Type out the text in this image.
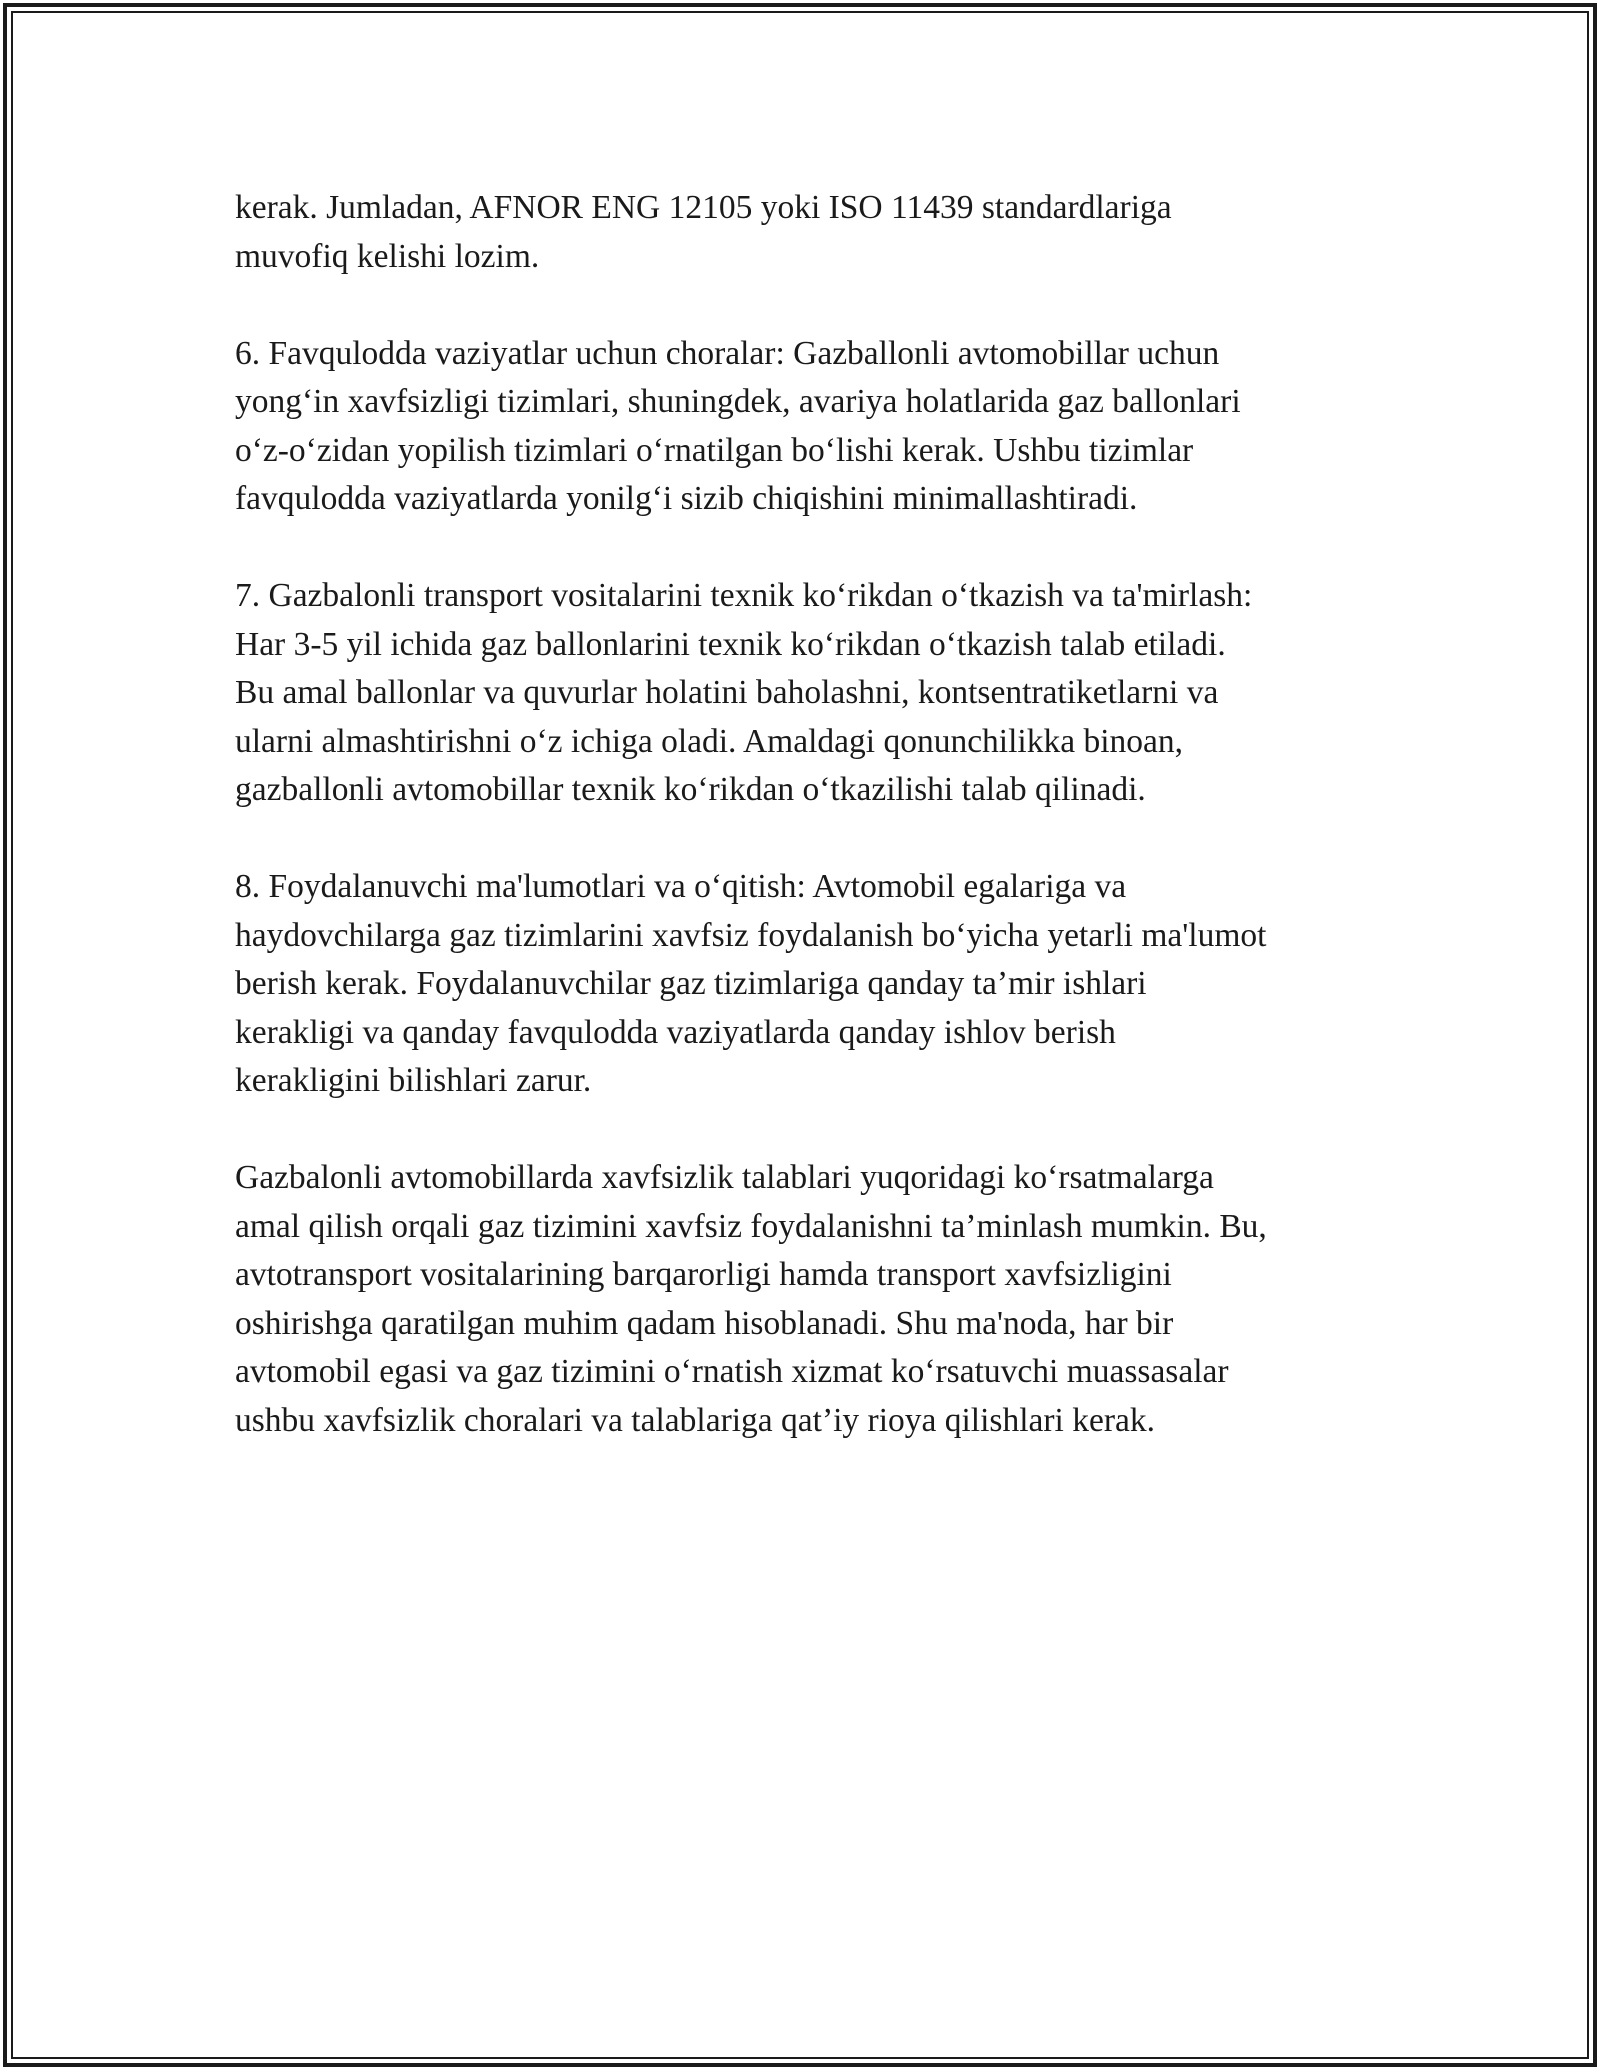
kerak. Jumladan, AFNOR ENG 12105 yoki ISO 11439 standardlariga
muvofiq kelishi lozim.

6. Favqulodda vaziyatlar uchun choralar: Gazballonli avtomobillar uchun
yong‘in xavfsizligi tizimlari, shuningdek, avariya holatlarida gaz ballonlari
o‘z-o‘zidan yopilish tizimlari o‘rnatilgan bo‘lishi kerak. Ushbu tizimlar
favqulodda vaziyatlarda yonilg‘i sizib chiqishini minimallashtiradi.

7. Gazbalonli transport vositalarini texnik ko‘rikdan o‘tkazish va ta'mirlash:
Har 3-5 yil ichida gaz ballonlarini texnik ko‘rikdan o‘tkazish talab etiladi.
Bu amal ballonlar va quvurlar holatini baholashni, kontsentratiketlarni va
ularni almashtirishni o‘z ichiga oladi. Amaldagi qonunchilikka binoan,
gazballonli avtomobillar texnik ko‘rikdan o‘tkazilishi talab qilinadi.

8. Foydalanuvchi ma'lumotlari va o‘qitish: Avtomobil egalariga va
haydovchilarga gaz tizimlarini xavfsiz foydalanish bo‘yicha yetarli ma'lumot
berish kerak. Foydalanuvchilar gaz tizimlariga qanday ta’mir ishlari
kerakligi va qanday favqulodda vaziyatlarda qanday ishlov berish
kerakligini bilishlari zarur.

Gazbalonli avtomobillarda xavfsizlik talablari yuqoridagi ko‘rsatmalarga
amal qilish orqali gaz tizimini xavfsiz foydalanishni ta’minlash mumkin. Bu,
avtotransport vositalarining barqarorligi hamda transport xavfsizligini
oshirishga qaratilgan muhim qadam hisoblanadi. Shu ma'noda, har bir
avtomobil egasi va gaz tizimini o‘rnatish xizmat ko‘rsatuvchi muassasalar
ushbu xavfsizlik choralari va talablariga qat’iy rioya qilishlari kerak.
